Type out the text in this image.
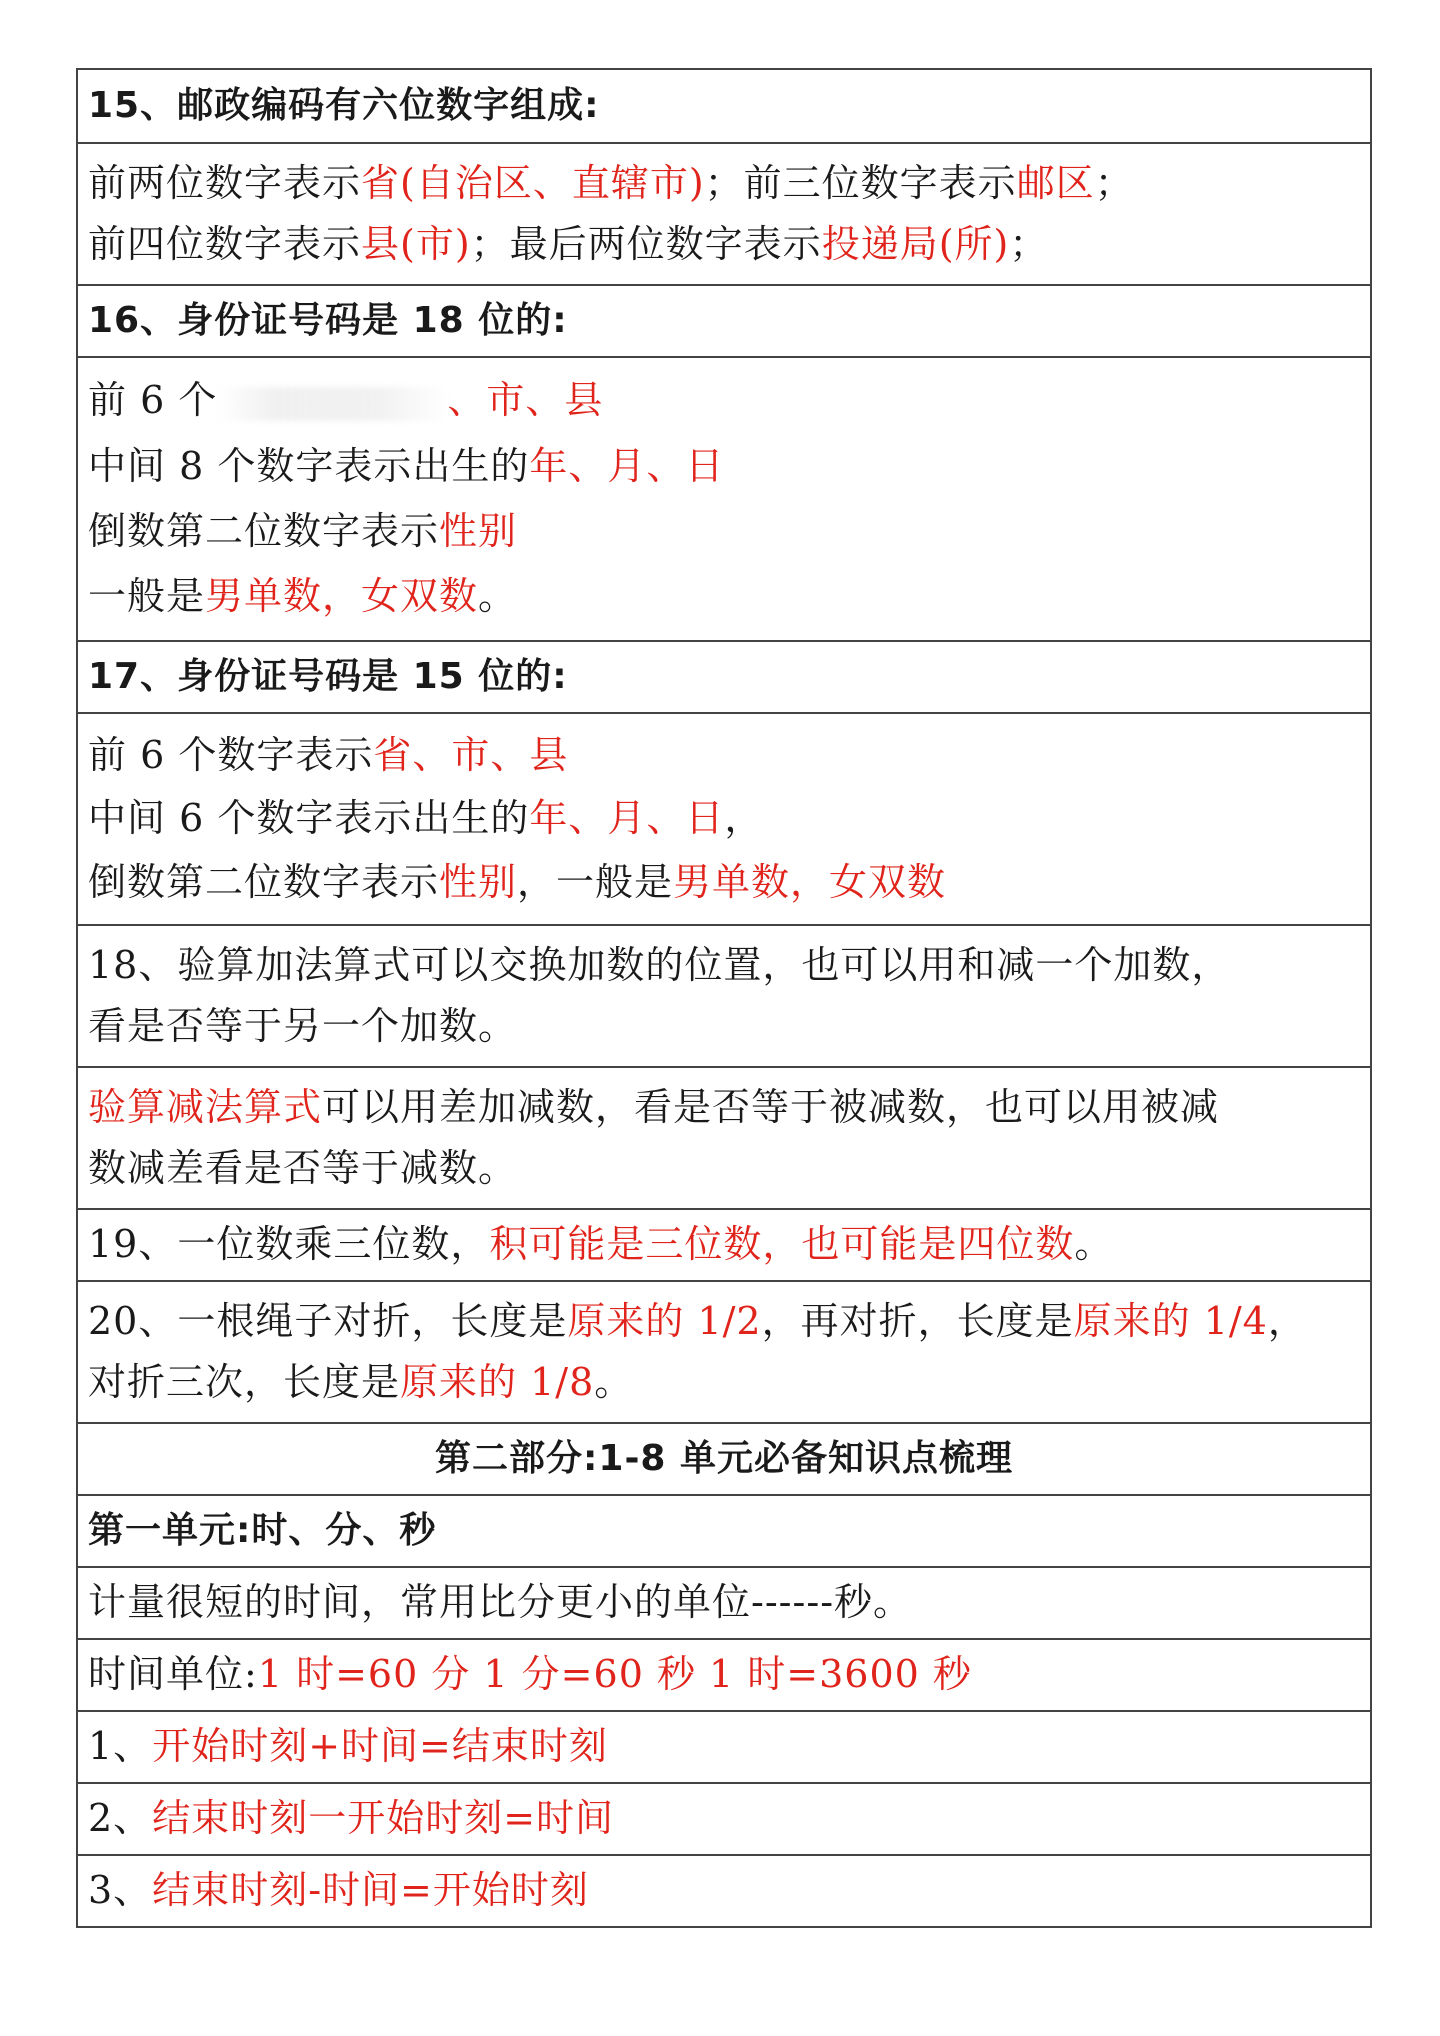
15、邮政编码有六位数字组成:
前两位数字表示省(自治区、直辖市)；前三位数字表示邮区；
前四位数字表示县(市)；最后两位数字表示投递局(所)；
16、身份证号码是 18 位的:
前 6 个	、市、县
中间 8 个数字表示出生的年、月、日
倒数第二位数字表示性别
一般是男单数，女双数。
17、身份证号码是 15 位的:
前 6 个数字表示省、市、县
中间 6 个数字表示出生的年、月、日，
倒数第二位数字表示性别，一般是男单数，女双数
18、验算加法算式可以交换加数的位置，也可以用和减一个加数，
看是否等于另一个加数。
验算减法算式可以用差加减数，看是否等于被减数，也可以用被减
数减差看是否等于减数。
19、一位数乘三位数，积可能是三位数，也可能是四位数。
20、一根绳子对折，长度是原来的 1/2，再对折，长度是原来的 1/4，
对折三次，长度是原来的 1/8。
第二部分:1-8 单元必备知识点梳理
第一单元:时、分、秒
计量很短的时间，常用比分更小的单位------秒。
时间单位:1 时=60 分 1 分=60 秒 1 时=3600 秒
1、开始时刻+时间=结束时刻
2、结束时刻一开始时刻=时间
3、结束时刻-时间=开始时刻
